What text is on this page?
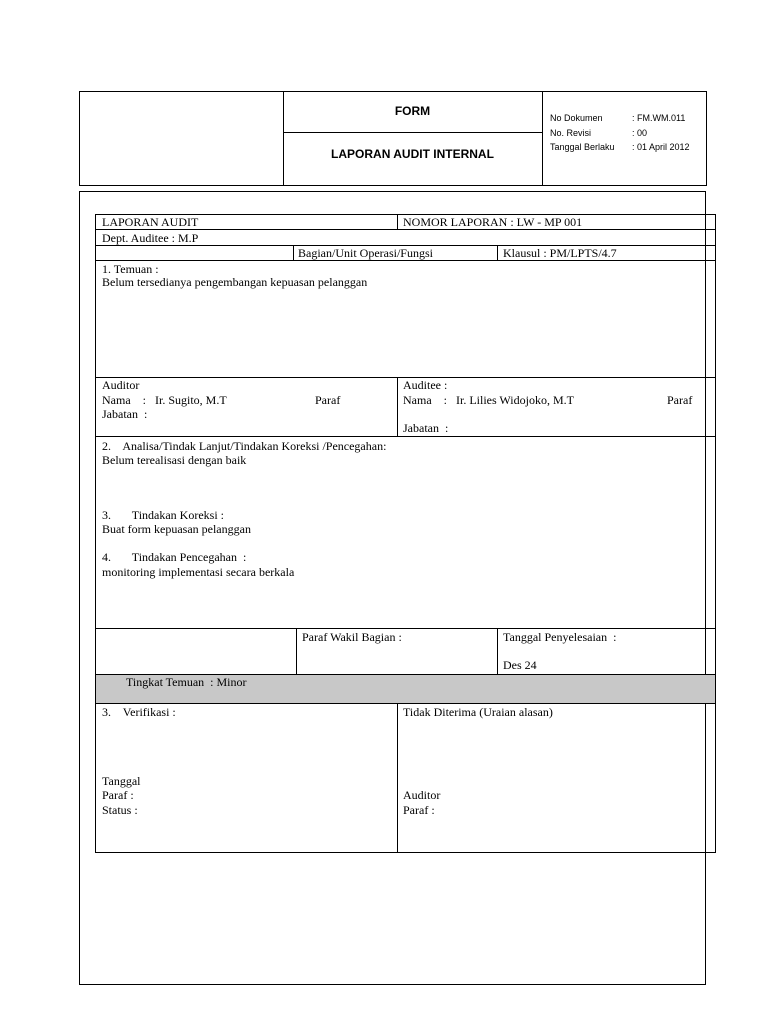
FORM
LAPORAN AUDIT INTERNAL
No Dokumen	: FM.WM.011
No. Revisi	: 00
Tanggal Berlaku : 01 April 2012
LAPORAN AUDIT	NOMOR LAPORAN : LW - MP 001
Dept. Auditee : M.P
Bagian/Unit Operasi/Fungsi	Klausul : PM/LPTS/4.7
1. Temuan :
Belum tersedianya pengembangan kepuasan pelanggan
Auditor
Nama    :   Ir. Sugito, M.T	Paraf
Jabatan  :
Auditee :
Nama    :   Ir. Lilies Widojoko, M.T	Paraf
Jabatan  :
2.    Analisa/Tindak Lanjut/Tindakan Koreksi /Pencegahan:
Belum terealisasi dengan baik
3.       Tindakan Koreksi :
Buat form kepuasan pelanggan
4.       Tindakan Pencegahan  :
monitoring implementasi secara berkala
Paraf Wakil Bagian :	Tanggal Penyelesaian  :
Des 24
Tingkat Temuan  : Minor
3.    Verifikasi :
Tanggal
Paraf :
Status :
Tidak Diterima (Uraian alasan)
Auditor
Paraf :
